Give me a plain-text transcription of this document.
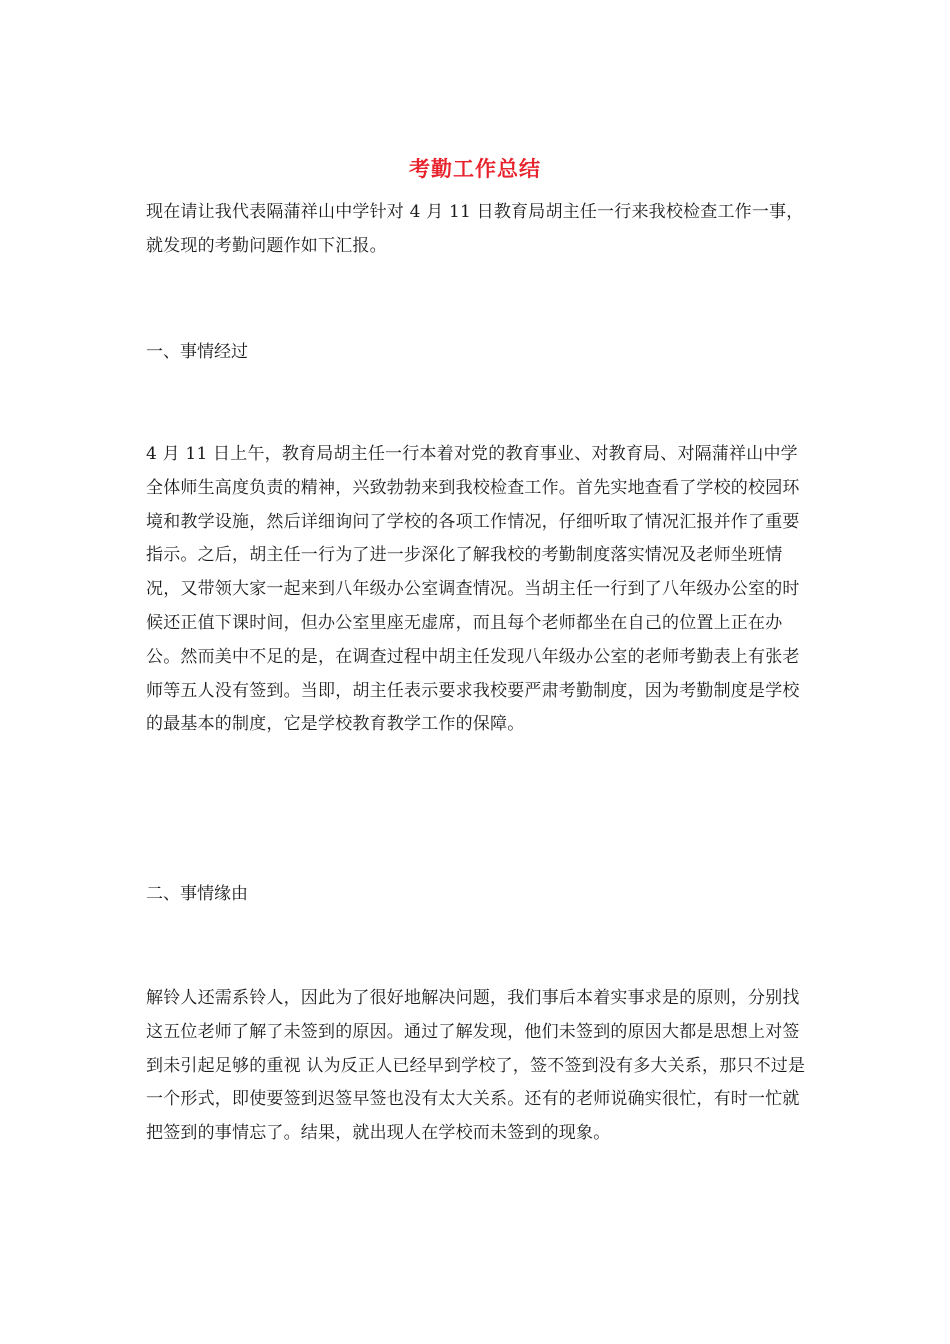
考勤工作总结
现在请让我代表隔蒲祥山中学针对 4 月 11 日教育局胡主任一行来我校检查工作一事，就发现的考勤问题作如下汇报。
一、事情经过
4 月 11 日上午，教育局胡主任一行本着对党的教育事业、对教育局、对隔蒲祥山中学全体师生高度负责的精神，兴致勃勃来到我校检查工作。首先实地查看了学校的校园环境和教学设施，然后详细询问了学校的各项工作情况，仔细听取了情况汇报并作了重要指示。之后，胡主任一行为了进一步深化了解我校的考勤制度落实情况及老师坐班情况，又带领大家一起来到八年级办公室调查情况。当胡主任一行到了八年级办公室的时候还正值下课时间，但办公室里座无虚席，而且每个老师都坐在自己的位置上正在办公。然而美中不足的是，在调查过程中胡主任发现八年级办公室的老师考勤表上有张老师等五人没有签到。当即，胡主任表示要求我校要严肃考勤制度，因为考勤制度是学校的最基本的制度，它是学校教育教学工作的保障。
二、事情缘由
解铃人还需系铃人，因此为了很好地解决问题，我们事后本着实事求是的原则，分别找这五位老师了解了未签到的原因。通过了解发现，他们未签到的原因大都是思想上对签到未引起足够的重视 认为反正人已经早到学校了，签不签到没有多大关系，那只不过是一个形式，即使要签到迟签早签也没有太大关系。还有的老师说确实很忙，有时一忙就把签到的事情忘了。结果，就出现人在学校而未签到的现象。
